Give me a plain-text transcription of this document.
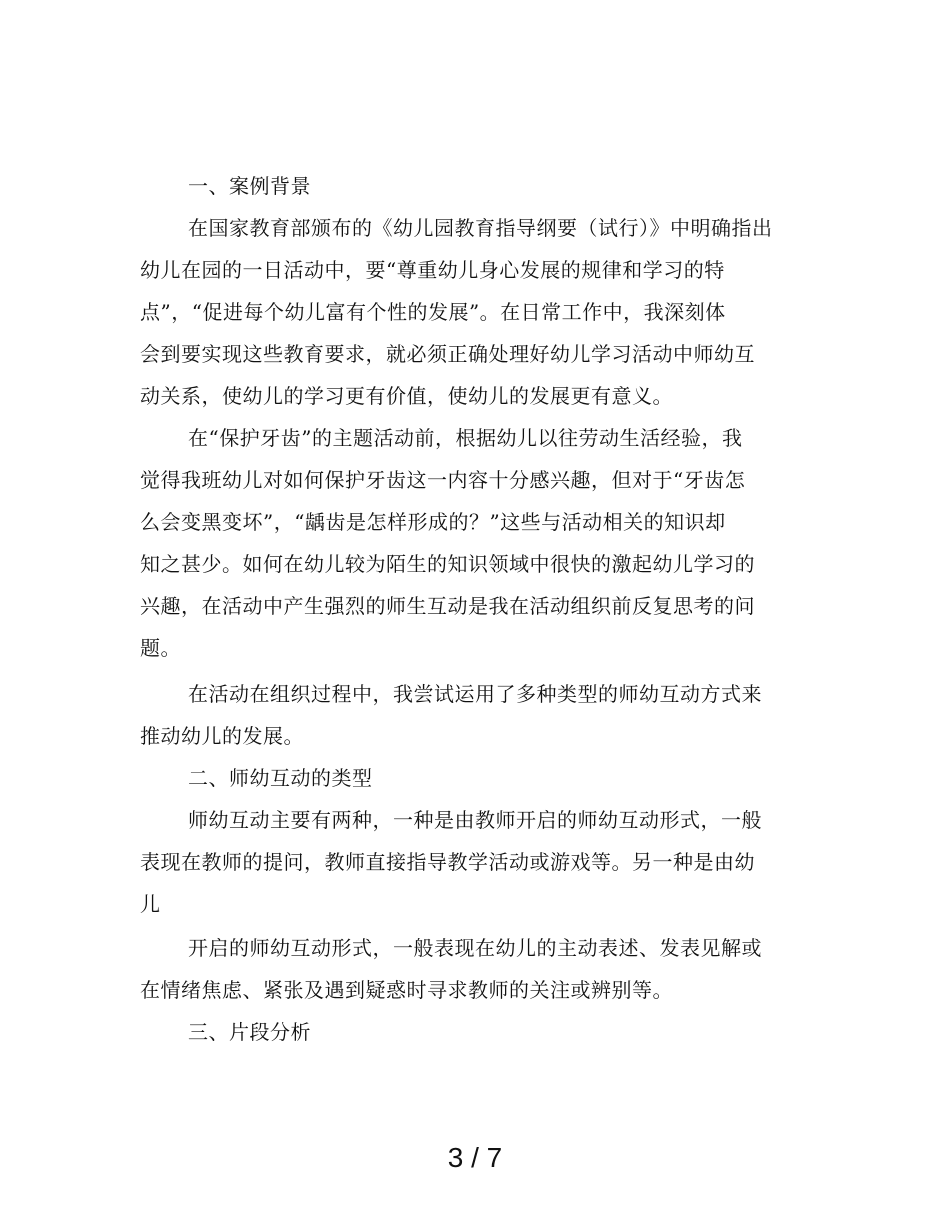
一、案例背景
在国家教育部颁布的《幼儿园教育指导纲要（试行）》中明确指出
幼儿在园的一日活动中，要“尊重幼儿身心发展的规律和学习的特
点”，“促进每个幼儿富有个性的发展”。在日常工作中，我深刻体
会到要实现这些教育要求，就必须正确处理好幼儿学习活动中师幼互
动关系，使幼儿的学习更有价值，使幼儿的发展更有意义。
在“保护牙齿”的主题活动前，根据幼儿以往劳动生活经验，我
觉得我班幼儿对如何保护牙齿这一内容十分感兴趣，但对于“牙齿怎
么会变黑变坏”，“龋齿是怎样形成的？”这些与活动相关的知识却
知之甚少。如何在幼儿较为陌生的知识领域中很快的激起幼儿学习的
兴趣，在活动中产生强烈的师生互动是我在活动组织前反复思考的问
题。
在活动在组织过程中，我尝试运用了多种类型的师幼互动方式来
推动幼儿的发展。
二、师幼互动的类型
师幼互动主要有两种，一种是由教师开启的师幼互动形式，一般
表现在教师的提问，教师直接指导教学活动或游戏等。另一种是由幼
儿
开启的师幼互动形式，一般表现在幼儿的主动表述、发表见解或
在情绪焦虑、紧张及遇到疑惑时寻求教师的关注或辨别等。
三、片段分析
3 / 7
